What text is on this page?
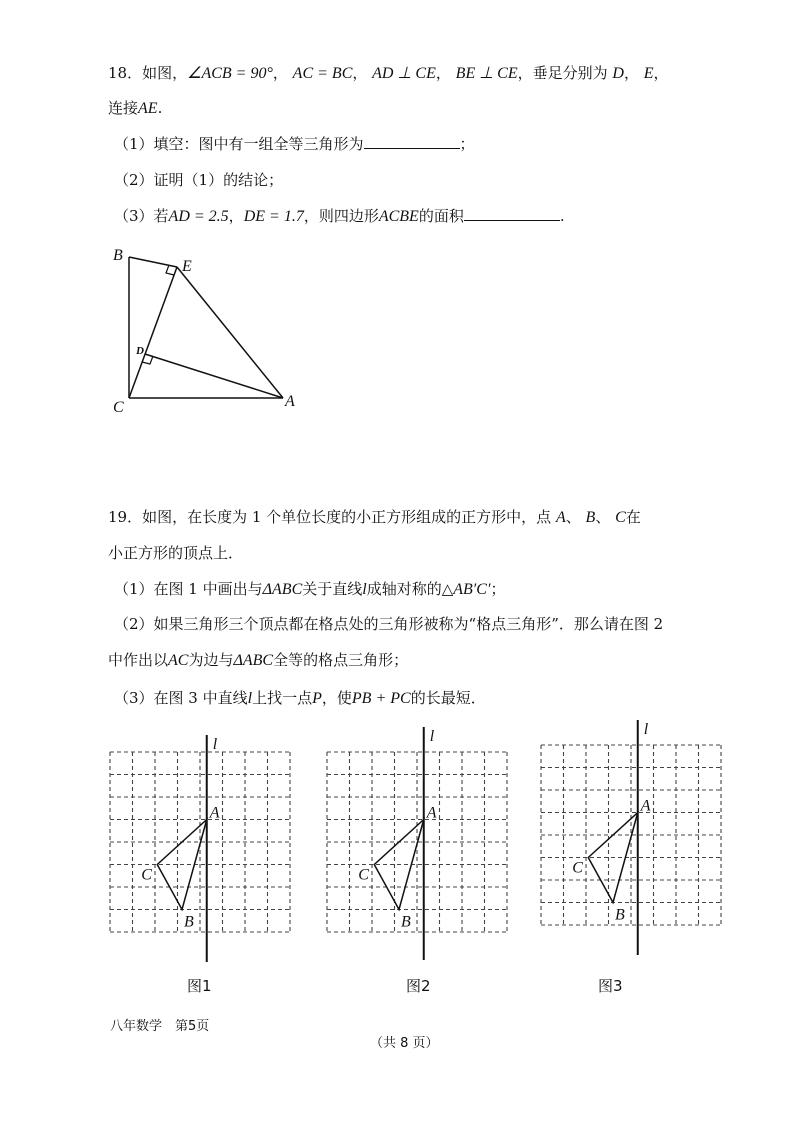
18．如图，∠ACB = 90°， AC = BC， AD ⊥ CE， BE ⊥ CE，垂足分别为 D， E，
连接AE.
（1）填空：图中有一组全等三角形为	；
（2）证明（1）的结论；
（3）若AD = 2.5，DE = 1.7，则四边形ACBE的面积	.
B
E
D
C	A
19．如图，在长度为 1 个单位长度的小正方形组成的正方形中，点 A、 B、 C在
小正方形的顶点上．
（1）在图 1 中画出与ΔABC关于直线l成轴对称的△AB′C′；
（2）如果三角形三个顶点都在格点处的三角形被称为“格点三角形”．那么请在图 2
中作出以AC为边与ΔABC全等的格点三角形；
（3）在图 3 中直线l上找一点P，使PB + PC的长最短．
l
A
B
C
l
A
B
C
l
A
B
C
图1	图2	图3
八年数学　第5页
（共 8 页）
